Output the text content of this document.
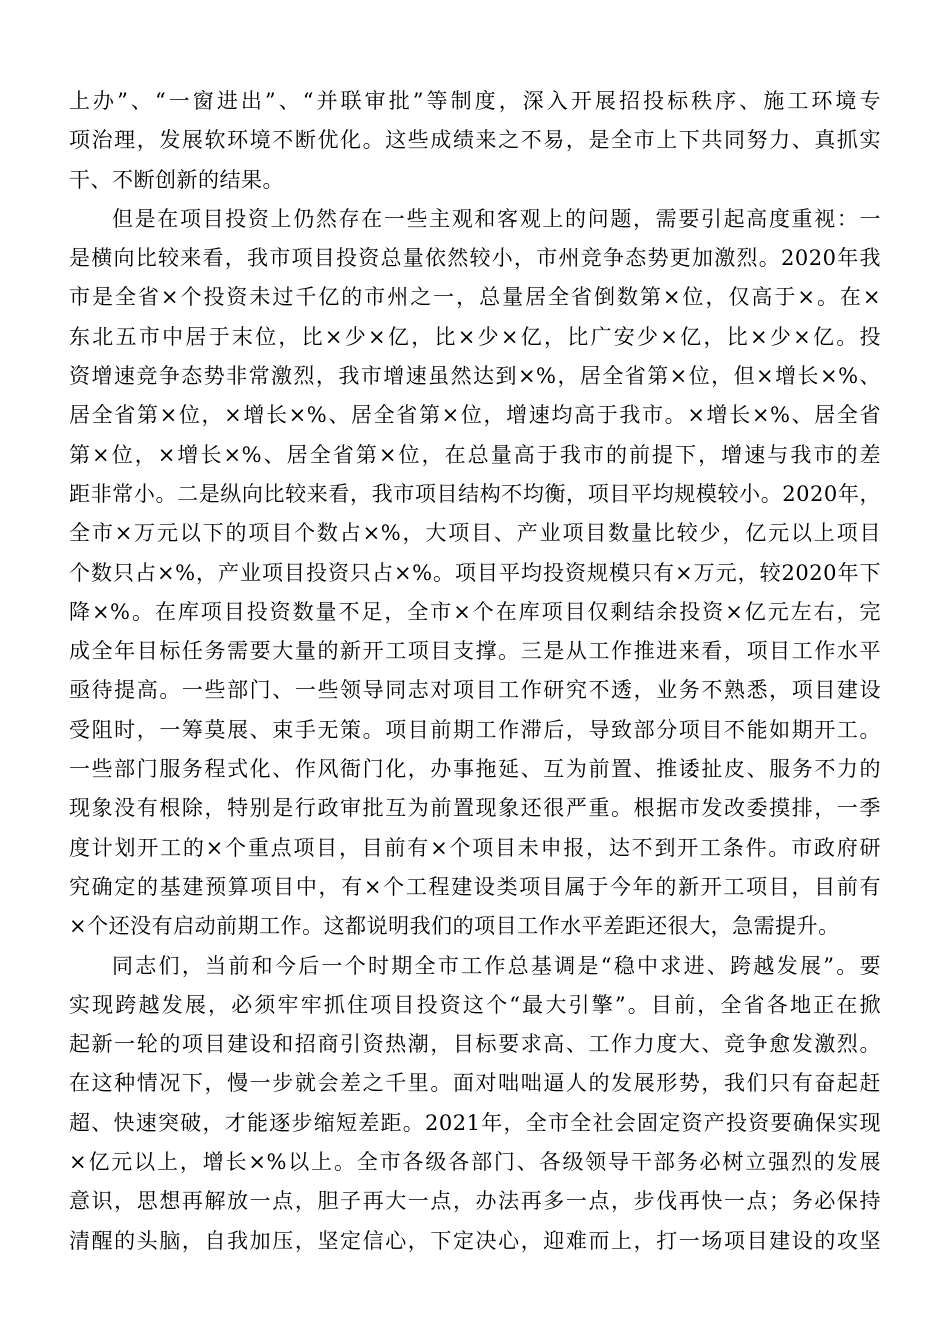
上办”、“一窗进出”、“并联审批”等制度，深入开展招投标秩序、施工环境专
项治理，发展软环境不断优化。这些成绩来之不易，是全市上下共同努力、真抓实
干、不断创新的结果。
但是在项目投资上仍然存在一些主观和客观上的问题，需要引起高度重视：一
是横向比较来看，我市项目投资总量依然较小，市州竞争态势更加激烈。2020年我
市是全省×个投资未过千亿的市州之一，总量居全省倒数第×位，仅高于×。在×
东北五市中居于末位，比×少×亿，比×少×亿，比广安少×亿，比×少×亿。投
资增速竞争态势非常激烈，我市增速虽然达到×%，居全省第×位，但×增长×%、
居全省第×位，×增长×%、居全省第×位，增速均高于我市。×增长×%、居全省
第×位，×增长×%、居全省第×位，在总量高于我市的前提下，增速与我市的差
距非常小。二是纵向比较来看，我市项目结构不均衡，项目平均规模较小。2020年，
全市×万元以下的项目个数占×%，大项目、产业项目数量比较少，亿元以上项目
个数只占×%，产业项目投资只占×%。项目平均投资规模只有×万元，较2020年下
降×%。在库项目投资数量不足，全市×个在库项目仅剩结余投资×亿元左右，完
成全年目标任务需要大量的新开工项目支撑。三是从工作推进来看，项目工作水平
亟待提高。一些部门、一些领导同志对项目工作研究不透，业务不熟悉，项目建设
受阻时，一筹莫展、束手无策。项目前期工作滞后，导致部分项目不能如期开工。
一些部门服务程式化、作风衙门化，办事拖延、互为前置、推诿扯皮、服务不力的
现象没有根除，特别是行政审批互为前置现象还很严重。根据市发改委摸排，一季
度计划开工的×个重点项目，目前有×个项目未申报，达不到开工条件。市政府研
究确定的基建预算项目中，有×个工程建设类项目属于今年的新开工项目，目前有
×个还没有启动前期工作。这都说明我们的项目工作水平差距还很大，急需提升。
同志们，当前和今后一个时期全市工作总基调是“稳中求进、跨越发展”。要
实现跨越发展，必须牢牢抓住项目投资这个“最大引擎”。目前，全省各地正在掀
起新一轮的项目建设和招商引资热潮，目标要求高、工作力度大、竞争愈发激烈。
在这种情况下，慢一步就会差之千里。面对咄咄逼人的发展形势，我们只有奋起赶
超、快速突破，才能逐步缩短差距。2021年，全市全社会固定资产投资要确保实现
×亿元以上，增长×%以上。全市各级各部门、各级领导干部务必树立强烈的发展
意识，思想再解放一点，胆子再大一点，办法再多一点，步伐再快一点；务必保持
清醒的头脑，自我加压，坚定信心，下定决心，迎难而上，打一场项目建设的攻坚
